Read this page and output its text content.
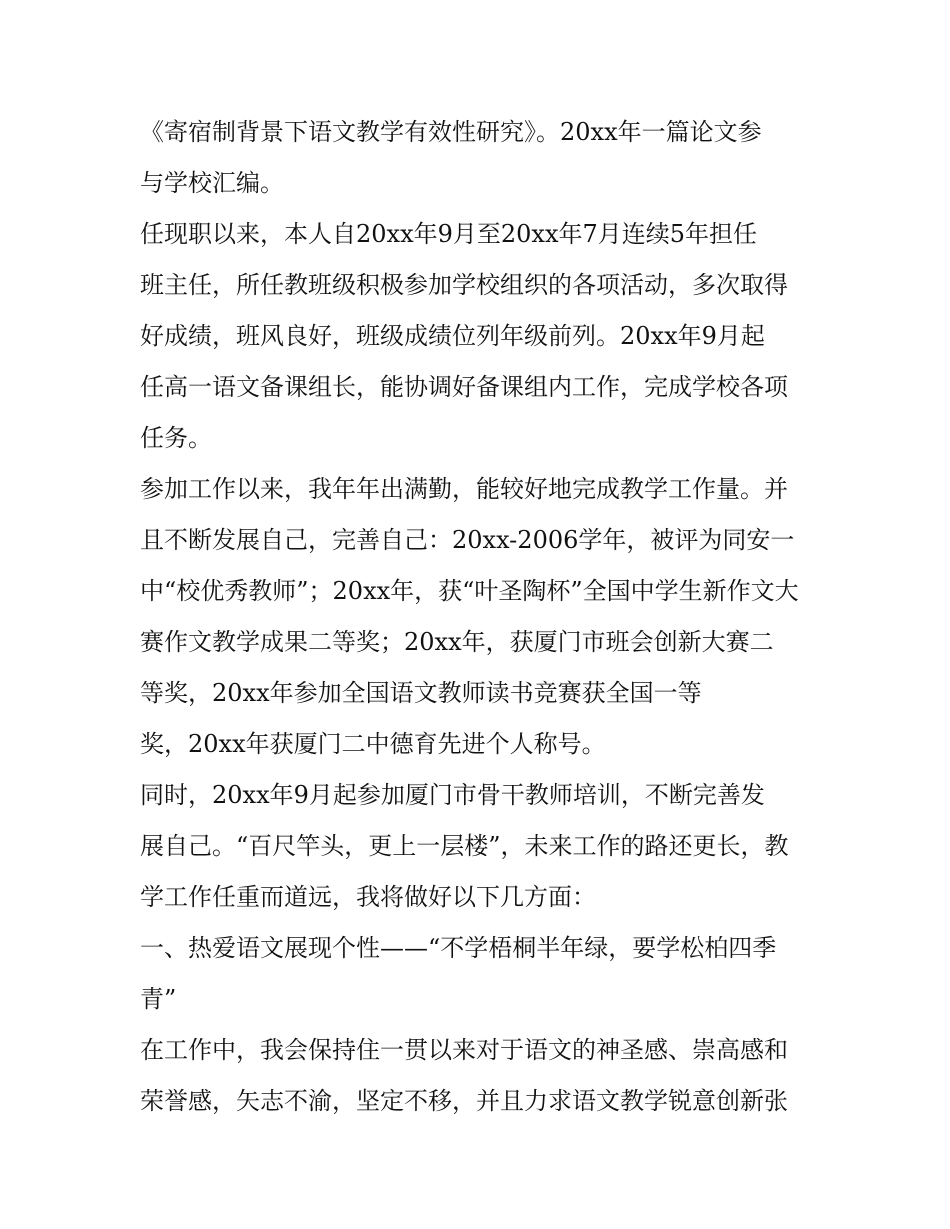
《寄宿制背景下语文教学有效性研究》。20xx年一篇论文参
与学校汇编。
任现职以来，本人自20xx年9月至20xx年7月连续5年担任
班主任，所任教班级积极参加学校组织的各项活动，多次取得
好成绩，班风良好，班级成绩位列年级前列。20xx年9月起
任高一语文备课组长，能协调好备课组内工作，完成学校各项
任务。
参加工作以来，我年年出满勤，能较好地完成教学工作量。并
且不断发展自己，完善自己：20xx-2006学年，被评为同安一
中“校优秀教师”；20xx年，获“叶圣陶杯”全国中学生新作文大
赛作文教学成果二等奖；20xx年，获厦门市班会创新大赛二
等奖，20xx年参加全国语文教师读书竞赛获全国一等
奖，20xx年获厦门二中德育先进个人称号。
同时，20xx年9月起参加厦门市骨干教师培训，不断完善发
展自己。“百尺竿头，更上一层楼”，未来工作的路还更长，教
学工作任重而道远，我将做好以下几方面：
一、热爱语文展现个性——“不学梧桐半年绿，要学松柏四季
青”
在工作中，我会保持住一贯以来对于语文的神圣感、崇高感和
荣誉感，矢志不渝，坚定不移，并且力求语文教学锐意创新张
